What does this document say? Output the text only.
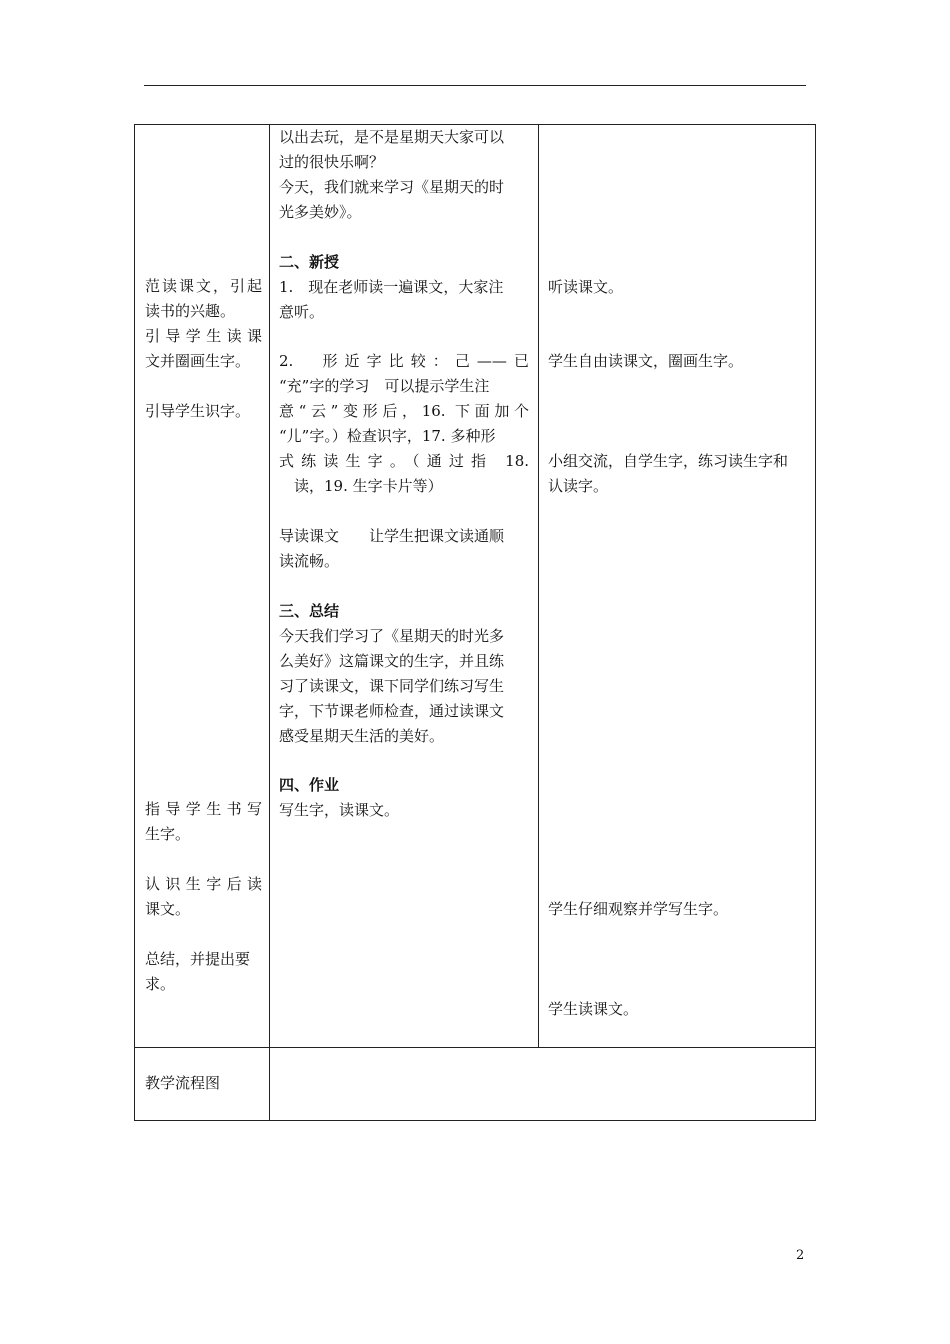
范读课文，引起
读书的兴趣。
引导学生读课
文并圈画生字。
引导学生识字。
指导学生书写
生字。
认识生字后读
课文。
总结，并提出要
求。
以出去玩，是不是星期天大家可以
过的很快乐啊？
今天，我们就来学习《星期天的时
光多美妙》。
二、新授
1.　现在老师读一遍课文，大家注
意听。
2.　形近字比较：己——已
“充”字的学习　可以提示学生注
意“云”变形后，16. 下面加个
“儿”字。）检查识字，17. 多种形
式练读生字。（通过指 18.
　读，19. 生字卡片等）
导读课文　　让学生把课文读通顺
读流畅。
三、总结
今天我们学习了《星期天的时光多
么美好》这篇课文的生字，并且练
习了读课文，课下同学们练习写生
字，下节课老师检查，通过读课文
感受星期天生活的美好。
四、作业
写生字，读课文。
听读课文。
学生自由读课文，圈画生字。
小组交流，自学生字，练习读生字和
认读字。
学生仔细观察并学写生字。
学生读课文。
教学流程图
2
